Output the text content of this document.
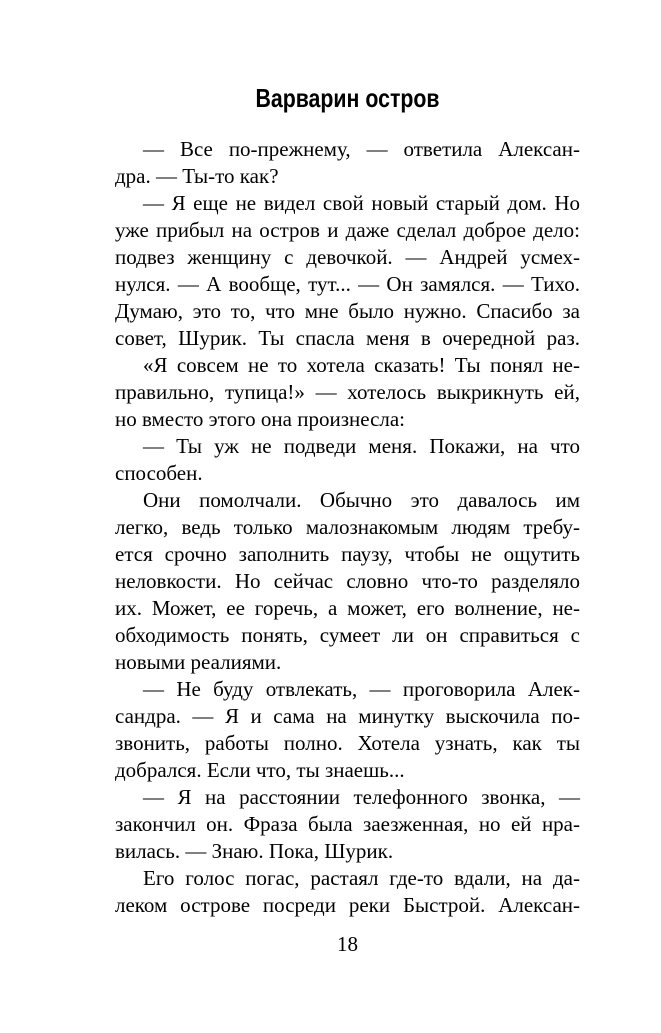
Варварин остров
— Все по-прежнему, — ответила Алексан-
дра. — Ты-то как?
— Я еще не видел свой новый старый дом. Но
уже прибыл на остров и даже сделал доброе дело:
подвез женщину с девочкой. — Андрей усмех-
нулся. — А вообще, тут... — Он замялся. — Тихо.
Думаю, это то, что мне было нужно. Спасибо за
совет, Шурик. Ты спасла меня в очередной раз.
«Я совсем не то хотела сказать! Ты понял не-
правильно, тупица!» — хотелось выкрикнуть ей,
но вместо этого она произнесла:
— Ты уж не подведи меня. Покажи, на что
способен.
Они помолчали. Обычно это давалось им
легко, ведь только малознакомым людям требу-
ется срочно заполнить паузу, чтобы не ощутить
неловкости. Но сейчас словно что-то разделяло
их. Может, ее горечь, а может, его волнение, не-
обходимость понять, сумеет ли он справиться с
новыми реалиями.
— Не буду отвлекать, — проговорила Алек-
сандра. — Я и сама на минутку выскочила по-
звонить, работы полно. Хотела узнать, как ты
добрался. Если что, ты знаешь...
— Я на расстоянии телефонного звонка, —
закончил он. Фраза была заезженная, но ей нра-
вилась. — Знаю. Пока, Шурик.
Его голос погас, растаял где-то вдали, на да-
леком острове посреди реки Быстрой. Алексан-
18
